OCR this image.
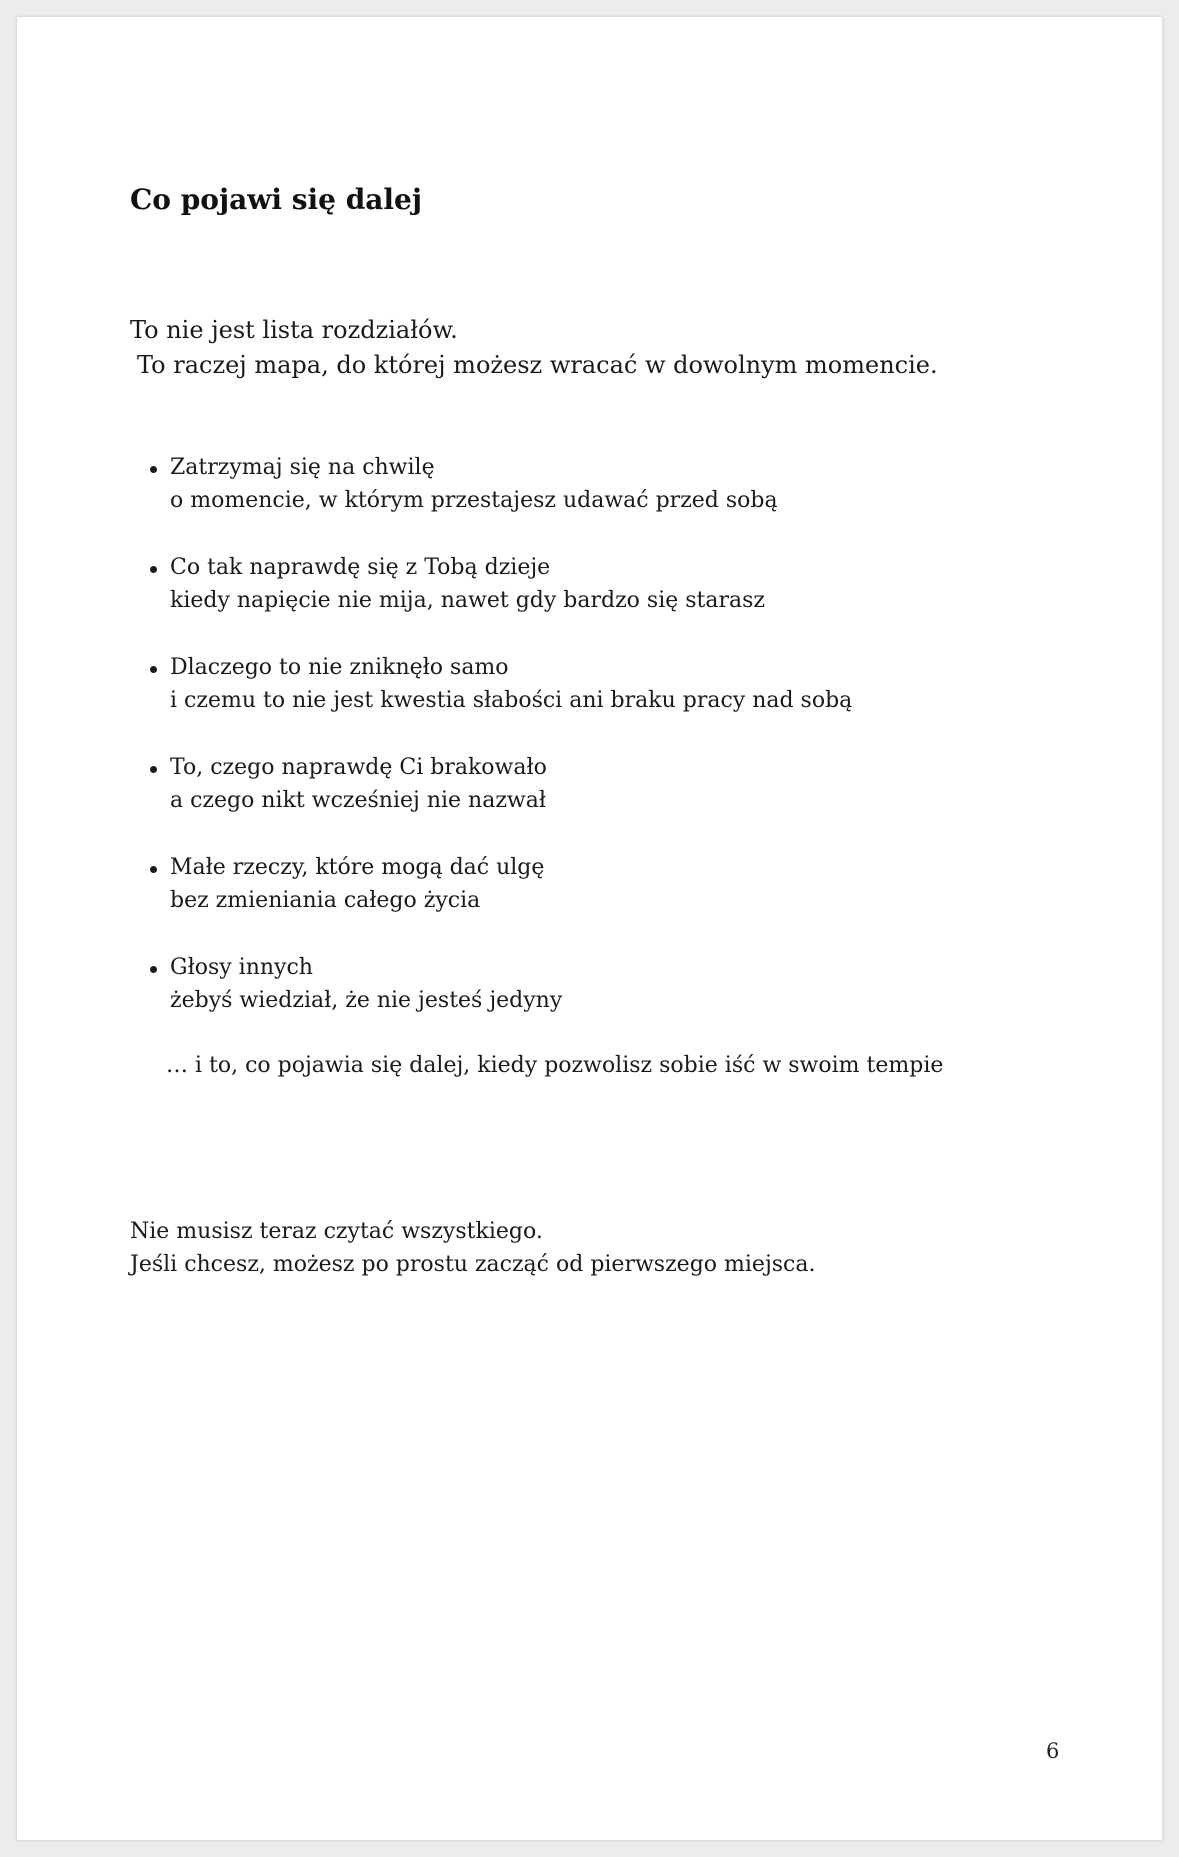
Co pojawi się dalej

To nie jest lista rozdziałów.
To raczej mapa, do której możesz wracać w dowolnym momencie.

Zatrzymaj się na chwilę
o momencie, w którym przestajesz udawać przed sobą
Co tak naprawdę się z Tobą dzieje
kiedy napięcie nie mija, nawet gdy bardzo się starasz
Dlaczego to nie zniknęło samo
i czemu to nie jest kwestia słabości ani braku pracy nad sobą
To, czego naprawdę Ci brakowało
a czego nikt wcześniej nie nazwał
Małe rzeczy, które mogą dać ulgę
bez zmieniania całego życia
Głosy innych
żebyś wiedział, że nie jesteś jedyny

… i to, co pojawia się dalej, kiedy pozwolisz sobie iść w swoim tempie

Nie musisz teraz czytać wszystkiego.
Jeśli chcesz, możesz po prostu zacząć od pierwszego miejsca.

6
